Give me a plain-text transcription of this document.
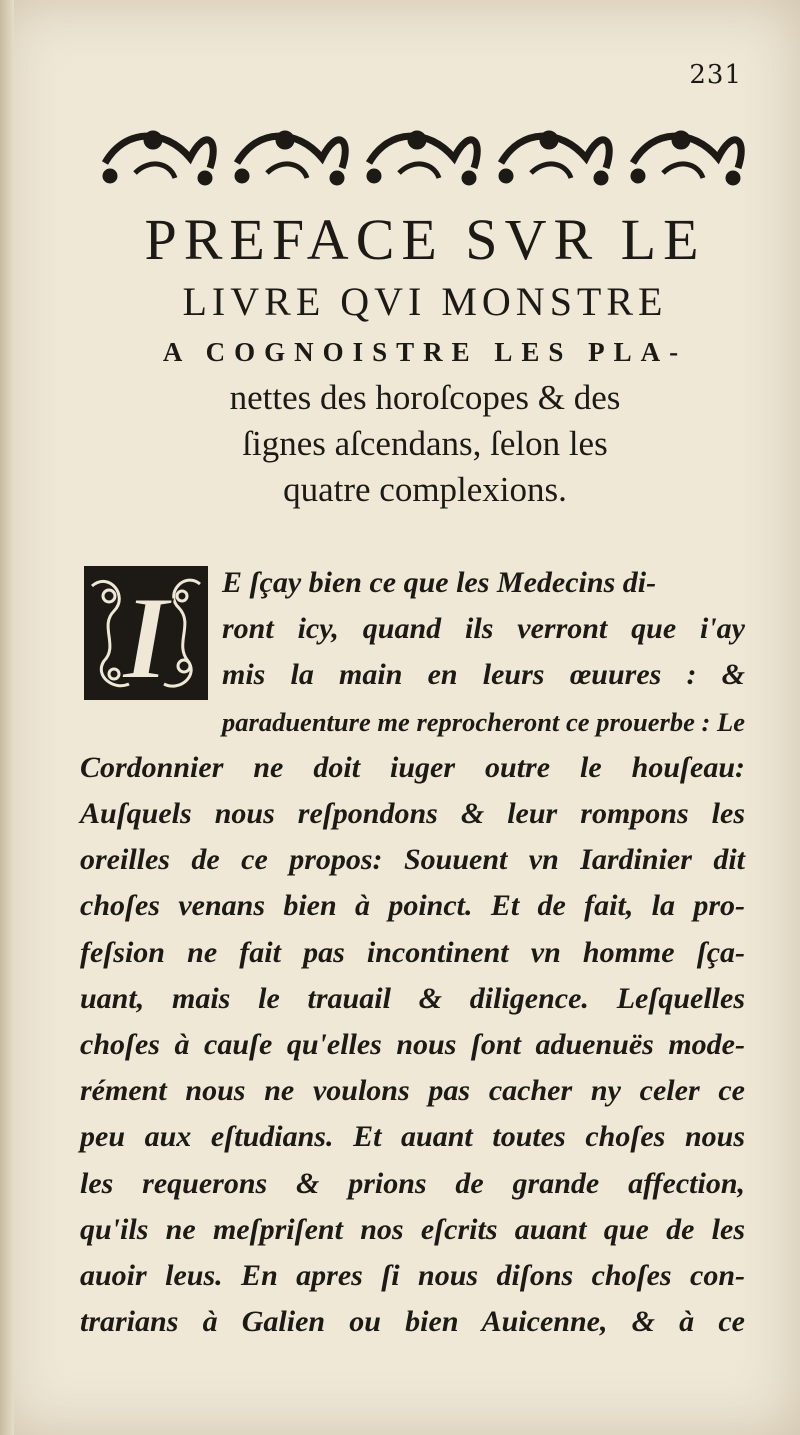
231
PREFACE SVR LE
LIVRE QVI MONSTRE
A COGNOISTRE LES PLA-
nettes des horoſcopes & des
ſignes aſcendans, ſelon les
quatre complexions.
I	E ſçay bien ce que les Medecins di-
ront icy, quand ils verront que i'ay
mis la main en leurs œuures : &
paraduenture me reprocheront ce prouerbe : Le
Cordonnier ne doit iuger outre le houſeau:
Auſquels nous reſpondons & leur rompons les
oreilles de ce propos: Souuent vn Iardinier dit
choſes venans bien à poinct. Et de fait, la pro-
feſsion ne fait pas incontinent vn homme ſça-
uant, mais le trauail & diligence. Leſquelles
choſes à cauſe qu'elles nous ſont aduenuës mode-
rément nous ne voulons pas cacher ny celer ce
peu aux eſtudians. Et auant toutes choſes nous
les requerons & prions de grande affection,
qu'ils ne meſpriſent nos eſcrits auant que de les
auoir leus. En apres ſi nous diſons choſes con-
trarians à Galien ou bien Auicenne, & à ce
